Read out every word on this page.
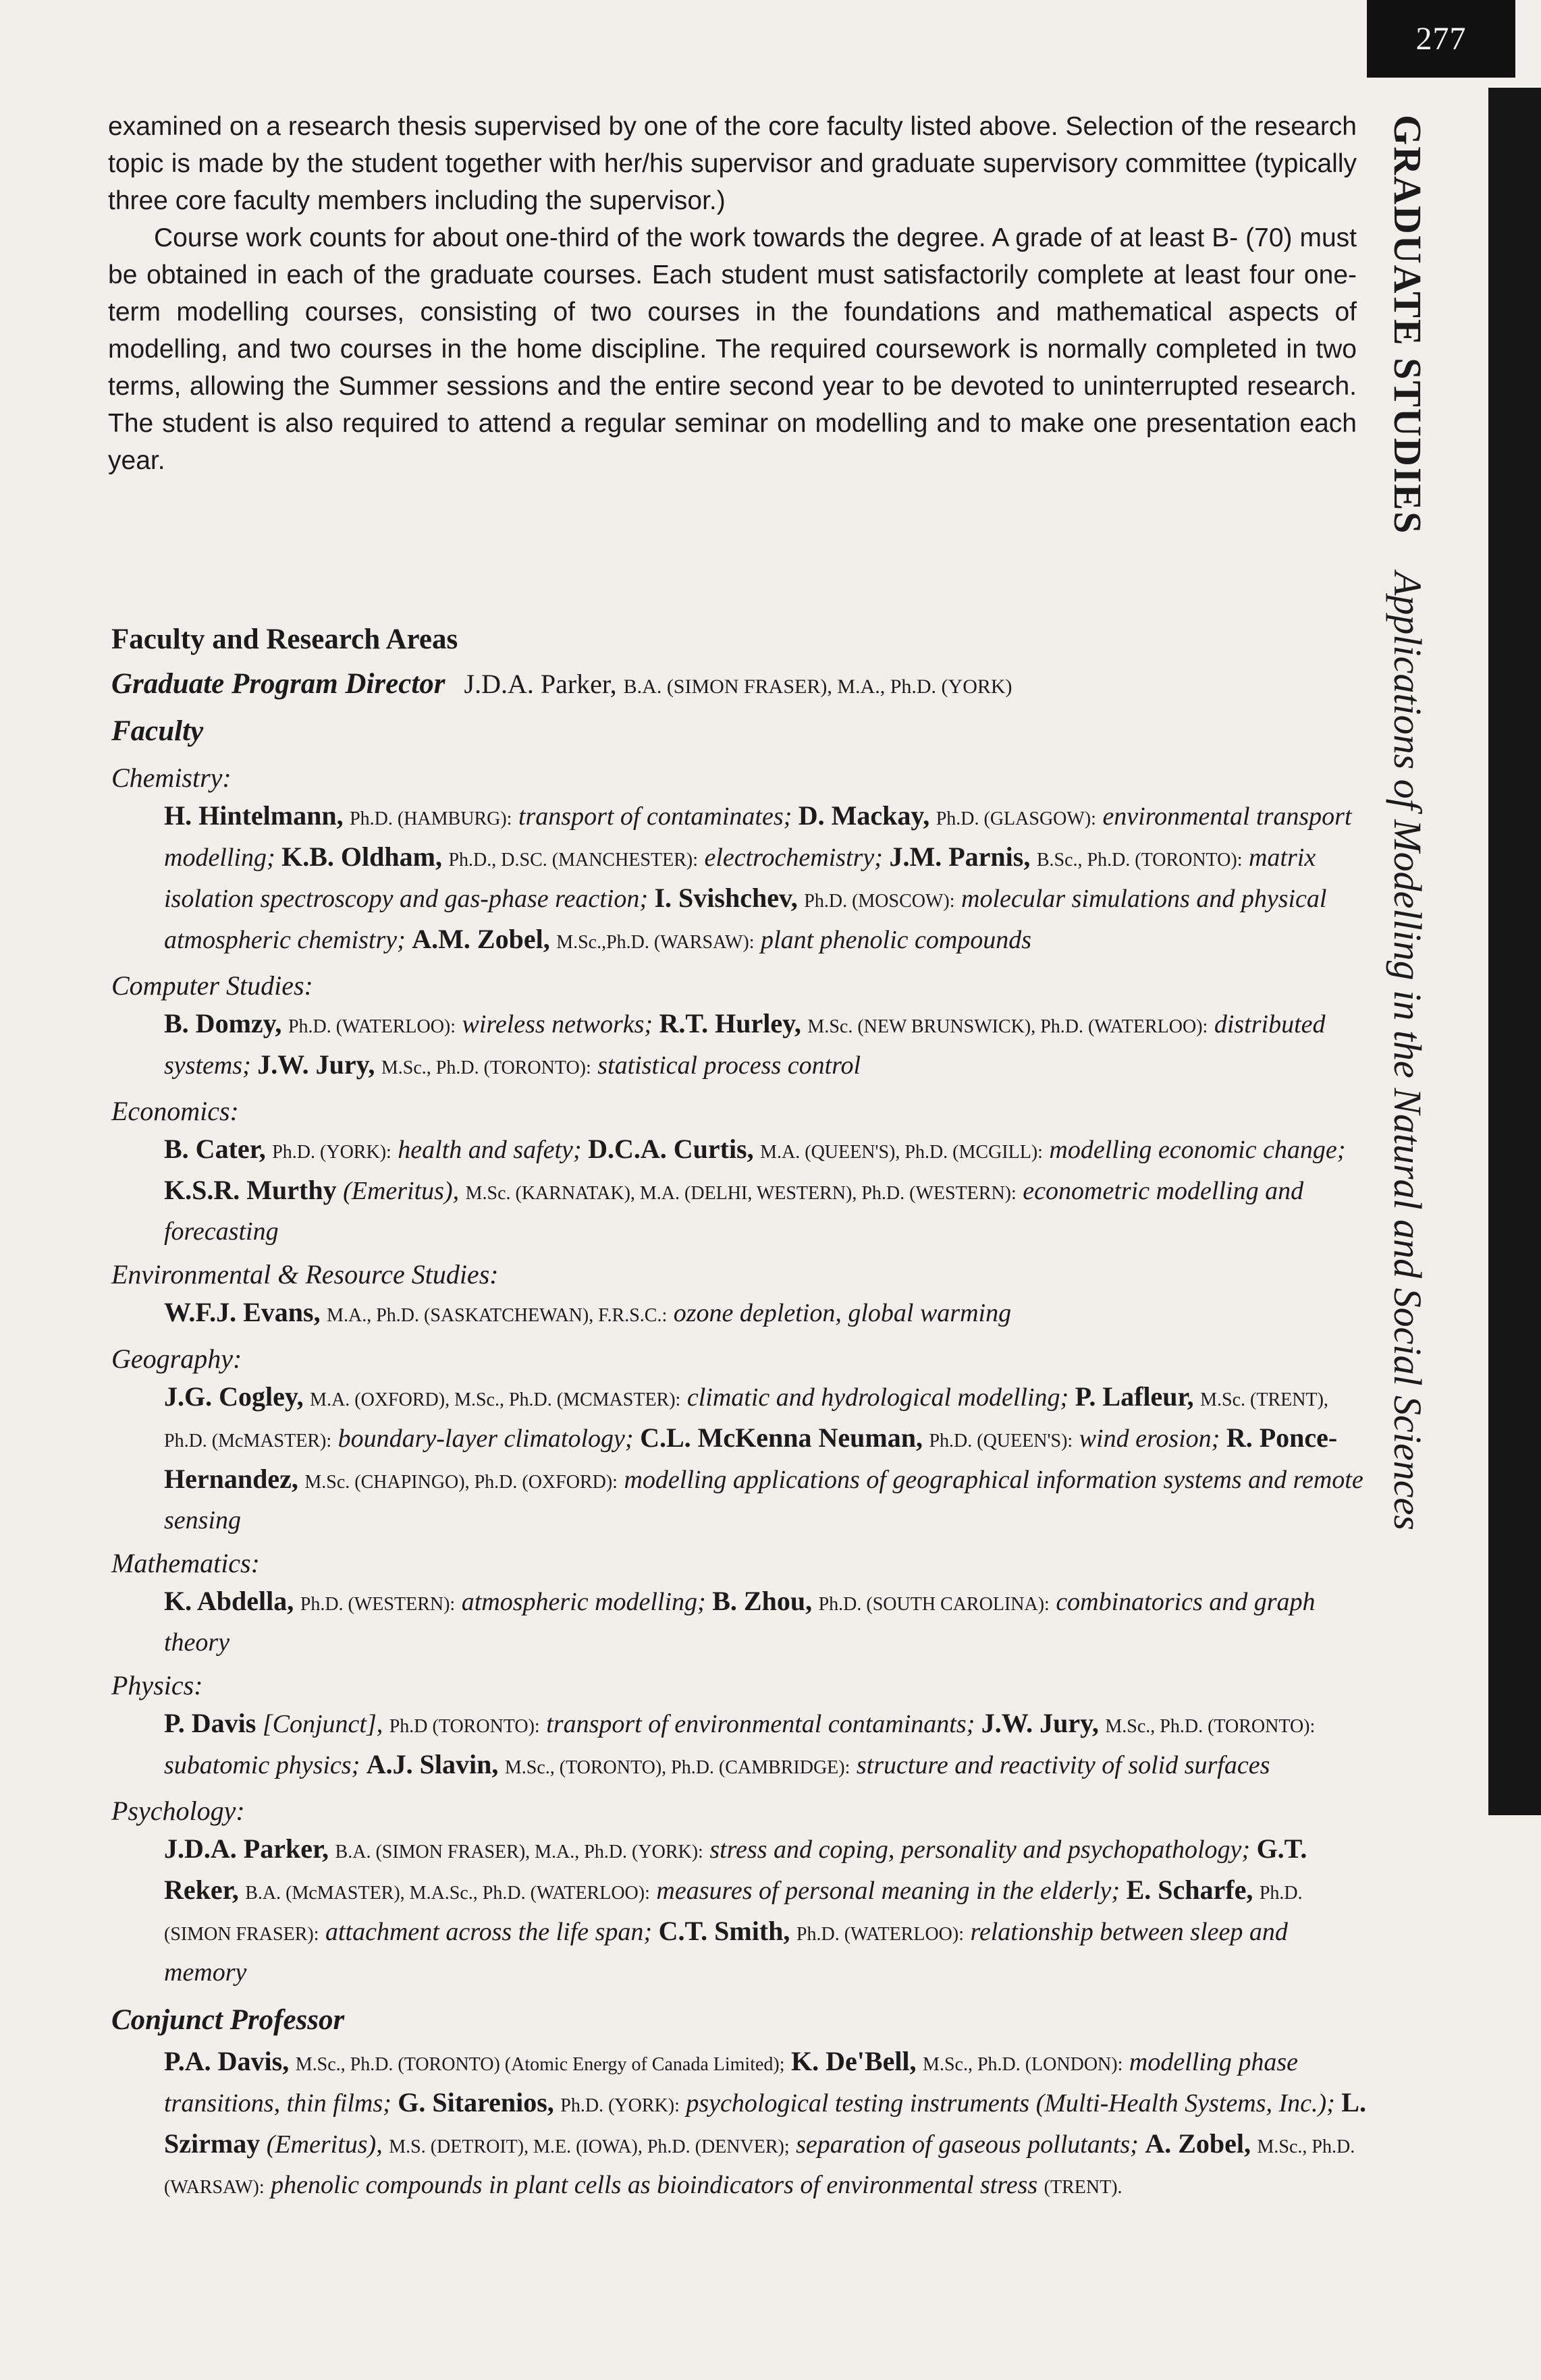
277
GRADUATE STUDIES Applications of Modelling in the Natural and Social Sciences

examined on a research thesis supervised by one of the core faculty listed above. Selection of the research topic is made by the student together with her/his supervisor and graduate supervisory committee (typically three core faculty members including the supervisor.)

Course work counts for about one-third of the work towards the degree. A grade of at least B- (70) must be obtained in each of the graduate courses. Each student must satisfactorily complete at least four one-term modelling courses, consisting of two courses in the foundations and mathematical aspects of modelling, and two courses in the home discipline. The required coursework is normally completed in two terms, allowing the Summer sessions and the entire second year to be devoted to uninterrupted research. The student is also required to attend a regular seminar on modelling and to make one presentation each year.

Faculty and Research Areas
Graduate Program Director J.D.A. Parker, B.A. (SIMON FRASER), M.A., Ph.D. (YORK)
Faculty
Chemistry:
H. Hintelmann, Ph.D. (HAMBURG): transport of contaminates; D. Mackay, Ph.D. (GLASGOW): environmental transport modelling; K.B. Oldham, Ph.D., D.SC. (MANCHESTER): electrochemistry; J.M. Parnis, B.Sc., Ph.D. (TORONTO): matrix isolation spectroscopy and gas-phase reaction; I. Svishchev, Ph.D. (MOSCOW): molecular simulations and physical atmospheric chemistry; A.M. Zobel, M.Sc.,Ph.D. (WARSAW): plant phenolic compounds
Computer Studies:
B. Domzy, Ph.D. (WATERLOO): wireless networks; R.T. Hurley, M.Sc. (NEW BRUNSWICK), Ph.D. (WATERLOO): distributed systems; J.W. Jury, M.Sc., Ph.D. (TORONTO): statistical process control
Economics:
B. Cater, Ph.D. (YORK): health and safety; D.C.A. Curtis, M.A. (QUEEN'S), Ph.D. (MCGILL): modelling economic change; K.S.R. Murthy (Emeritus), M.Sc. (KARNATAK), M.A. (DELHI, WESTERN), Ph.D. (WESTERN): econometric modelling and forecasting
Environmental & Resource Studies:
W.F.J. Evans, M.A., Ph.D. (SASKATCHEWAN), F.R.S.C.: ozone depletion, global warming
Geography:
J.G. Cogley, M.A. (OXFORD), M.Sc., Ph.D. (MCMASTER): climatic and hydrological modelling; P. Lafleur, M.Sc. (TRENT), Ph.D. (McMASTER): boundary-layer climatology; C.L. McKenna Neuman, Ph.D. (QUEEN'S): wind erosion; R. Ponce-Hernandez, M.Sc. (CHAPINGO), Ph.D. (OXFORD): modelling applications of geographical information systems and remote sensing
Mathematics:
K. Abdella, Ph.D. (WESTERN): atmospheric modelling; B. Zhou, Ph.D. (SOUTH CAROLINA): combinatorics and graph theory
Physics:
P. Davis [Conjunct], Ph.D (TORONTO): transport of environmental contaminants; J.W. Jury, M.Sc., Ph.D. (TORONTO): subatomic physics; A.J. Slavin, M.Sc., (TORONTO), Ph.D. (CAMBRIDGE): structure and reactivity of solid surfaces
Psychology:
J.D.A. Parker, B.A. (SIMON FRASER), M.A., Ph.D. (YORK): stress and coping, personality and psychopathology; G.T. Reker, B.A. (McMASTER), M.A.Sc., Ph.D. (WATERLOO): measures of personal meaning in the elderly; E. Scharfe, Ph.D. (SIMON FRASER): attachment across the life span; C.T. Smith, Ph.D. (WATERLOO): relationship between sleep and memory
Conjunct Professor
P.A. Davis, M.Sc., Ph.D. (TORONTO) (Atomic Energy of Canada Limited); K. De'Bell, M.Sc., Ph.D. (LONDON): modelling phase transitions, thin films; G. Sitarenios, Ph.D. (YORK): psychological testing instruments (Multi-Health Systems, Inc.); L. Szirmay (Emeritus), M.S. (DETROIT), M.E. (IOWA), Ph.D. (DENVER); separation of gaseous pollutants; A. Zobel, M.Sc., Ph.D. (WARSAW): phenolic compounds in plant cells as bioindicators of environmental stress (TRENT).
